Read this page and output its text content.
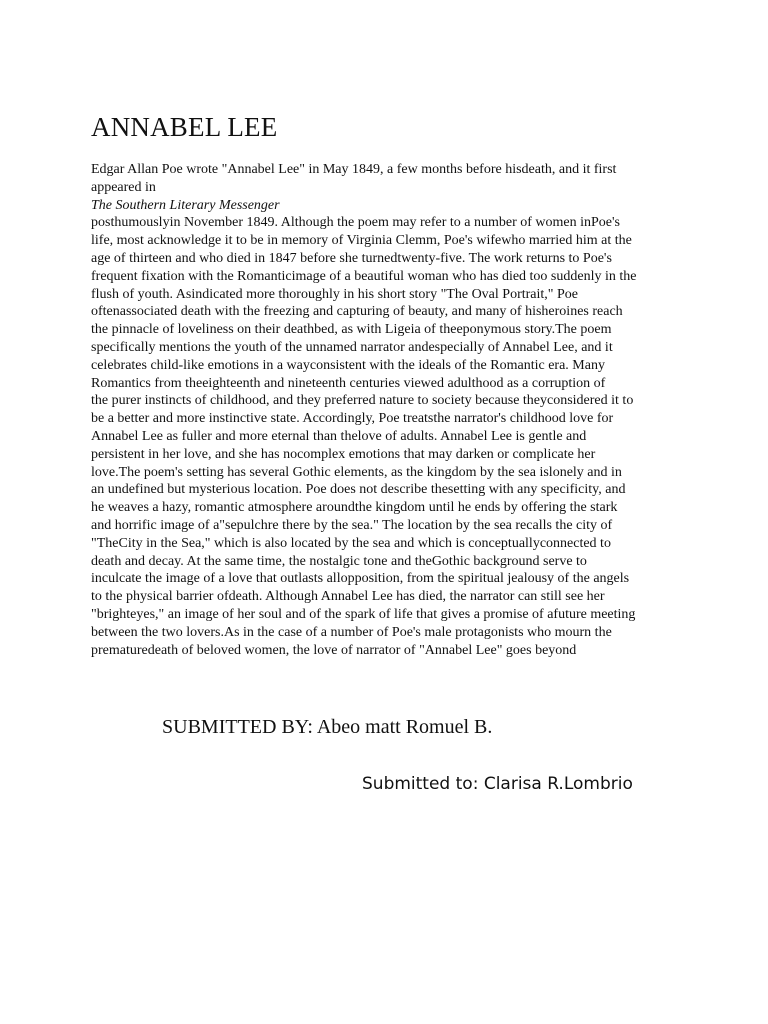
ANNABEL LEE
Edgar Allan Poe wrote "Annabel Lee" in May 1849, a few months before hisdeath, and it first
appeared in
The Southern Literary Messenger
posthumouslyin November 1849. Although the poem may refer to a number of women inPoe's
life, most acknowledge it to be in memory of Virginia Clemm, Poe's wifewho married him at the
age of thirteen and who died in 1847 before she turnedtwenty-five. The work returns to Poe's
frequent fixation with the Romanticimage of a beautiful woman who has died too suddenly in the
flush of youth. Asindicated more thoroughly in his short story "The Oval Portrait," Poe
oftenassociated death with the freezing and capturing of beauty, and many of hisheroines reach
the pinnacle of loveliness on their deathbed, as with Ligeia of theeponymous story.The poem
specifically mentions the youth of the unnamed narrator andespecially of Annabel Lee, and it
celebrates child-like emotions in a wayconsistent with the ideals of the Romantic era. Many
Romantics from theeighteenth and nineteenth centuries viewed adulthood as a corruption of
the purer instincts of childhood, and they preferred nature to society because theyconsidered it to
be a better and more instinctive state. Accordingly, Poe treatsthe narrator's childhood love for
Annabel Lee as fuller and more eternal than thelove of adults. Annabel Lee is gentle and
persistent in her love, and she has nocomplex emotions that may darken or complicate her
love.The poem's setting has several Gothic elements, as the kingdom by the sea islonely and in
an undefined but mysterious location. Poe does not describe thesetting with any specificity, and
he weaves a hazy, romantic atmosphere aroundthe kingdom until he ends by offering the stark
and horrific image of a"sepulchre there by the sea." The location by the sea recalls the city of
"TheCity in the Sea," which is also located by the sea and which is conceptuallyconnected to
death and decay. At the same time, the nostalgic tone and theGothic background serve to
inculcate the image of a love that outlasts allopposition, from the spiritual jealousy of the angels
to the physical barrier ofdeath. Although Annabel Lee has died, the narrator can still see her
"brighteyes," an image of her soul and of the spark of life that gives a promise of afuture meeting
between the two lovers.As in the case of a number of Poe's male protagonists who mourn the
prematuredeath of beloved women, the love of narrator of "Annabel Lee" goes beyond
SUBMITTED BY: Abeo matt Romuel B.
Submitted to: Clarisa R.Lombrio
